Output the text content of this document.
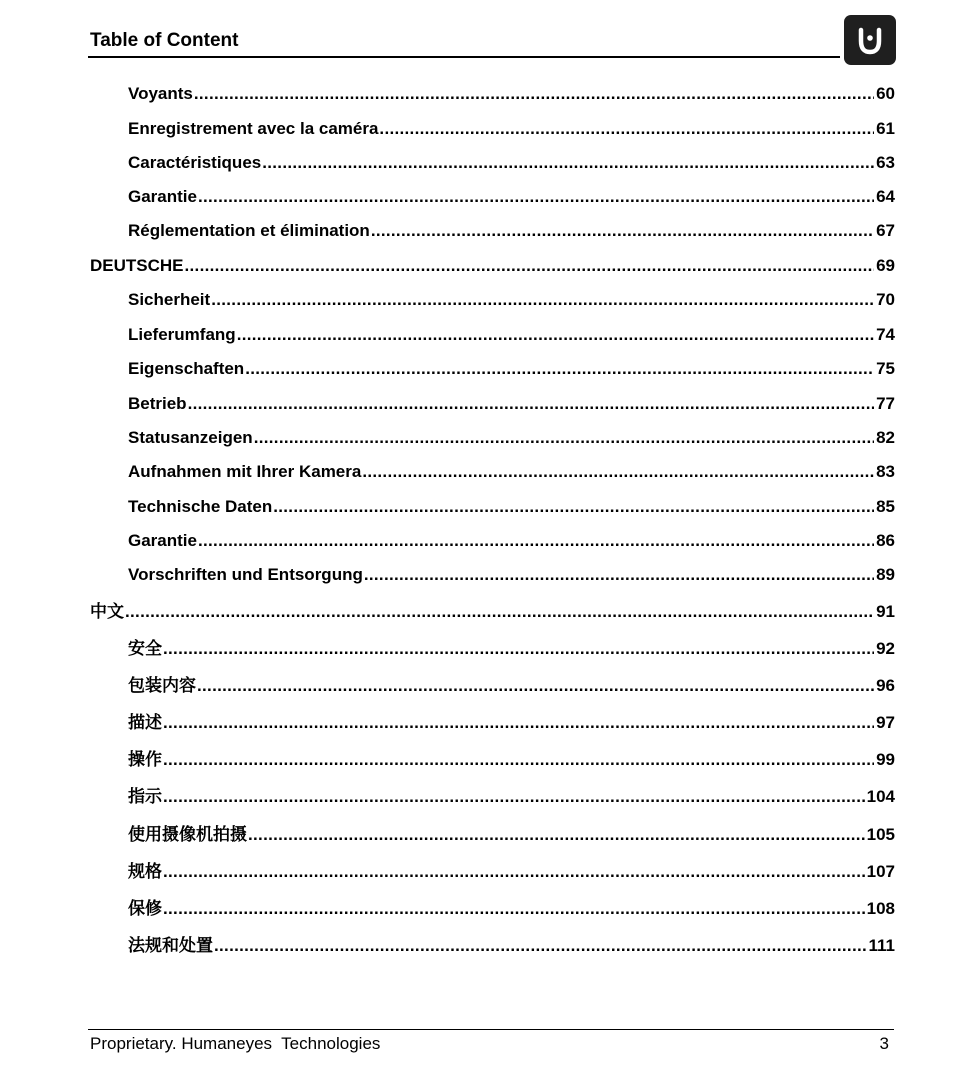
Table of Content
Voyants .....	60
Enregistrement avec la caméra .....	61
Caractéristiques .....	63
Garantie .....	64
Réglementation et élimination .....	67
DEUTSCHE .....	69
Sicherheit .....	70
Lieferumfang .....	74
Eigenschaften .....	75
Betrieb .....	77
Statusanzeigen .....	82
Aufnahmen mit Ihrer Kamera .....	83
Technische Daten .....	85
Garantie .....	86
Vorschriften und Entsorgung .....	89
中文 .....	91
安全 .....	92
包装内容 .....	96
描述 .....	97
操作 .....	99
指示 .....	104
使用摄像机拍摄 .....	105
规格 .....	107
保修 .....	108
法规和处置 .....	111
Proprietary. Humaneyes  Technologies	3
